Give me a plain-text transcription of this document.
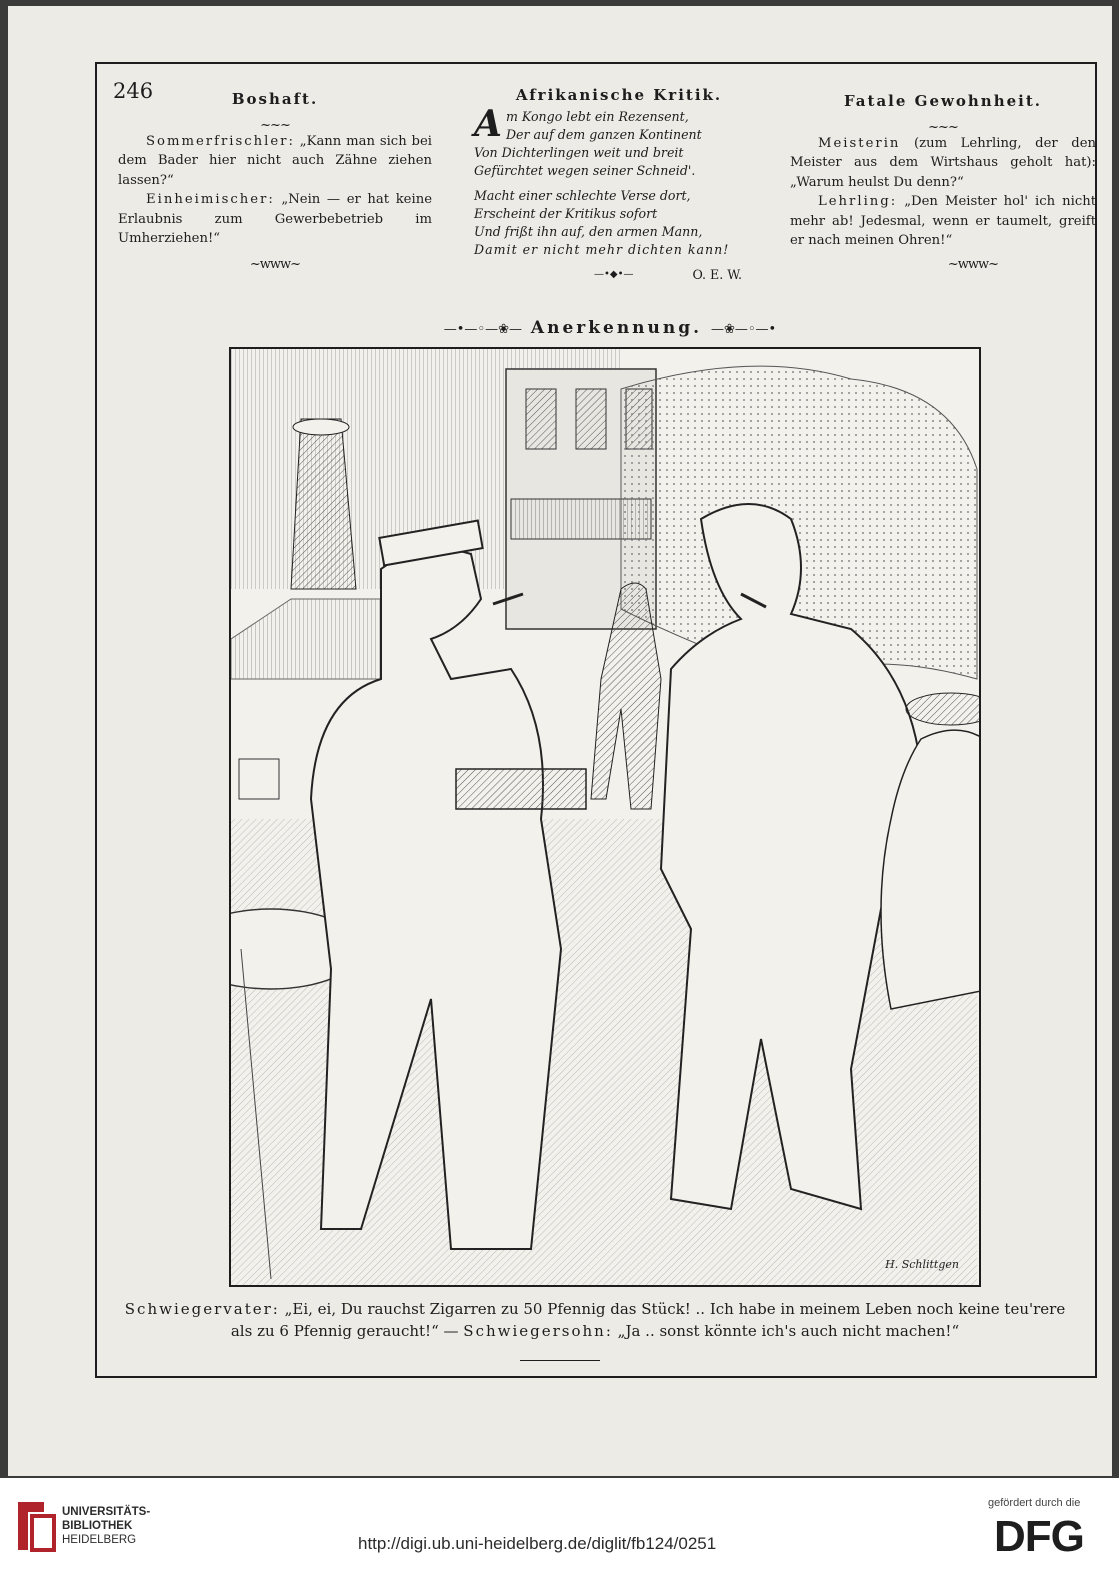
246	Boshaft.
~~~

Sommerfrischler: „Kann man sich bei dem Bader hier nicht auch Zähne ziehen lassen?“

Einheimischer: „Nein — er hat keine Erlaubnis zum Gewerbebetrieb im Umherziehen!“

~www~
Afrikanische Kritik.

Am Kongo lebt ein Rezensent,
Der auf dem ganzen Kontinent
Von Dichterlingen weit und breit
Gefürchtet wegen seiner Schneid'.

Macht einer schlechte Verse dort,
Erscheint der Kritikus sofort
Und frißt ihn auf, den armen Mann,
Damit er nicht mehr dichten kann!

—•◆•—	O. E. W.
Fatale Gewohnheit.
~~~

Meisterin (zum Lehrling, der den Meister aus dem Wirtshaus geholt hat): „Warum heulst Du denn?“

Lehrling: „Den Meister hol' ich nicht mehr ab! Jedesmal, wenn er taumelt, greift er nach meinen Ohren!“

~www~
—•—◦—❀— Anerkennung. —❀—◦—•
H. Schlittgen
Schwiegervater: „Ei, ei, Du rauchst Zigarren zu 50 Pfennig das Stück! .. Ich habe in meinem Leben noch keine teu'rere als zu 6 Pfennig geraucht!“ — Schwiegersohn: „Ja .. sonst könnte ich's auch nicht machen!“
UNIVERSITÄTS-
BIBLIOTHEK
HEIDELBERG	http://digi.ub.uni-heidelberg.de/diglit/fb124/0251
gefördert durch die
DFG
